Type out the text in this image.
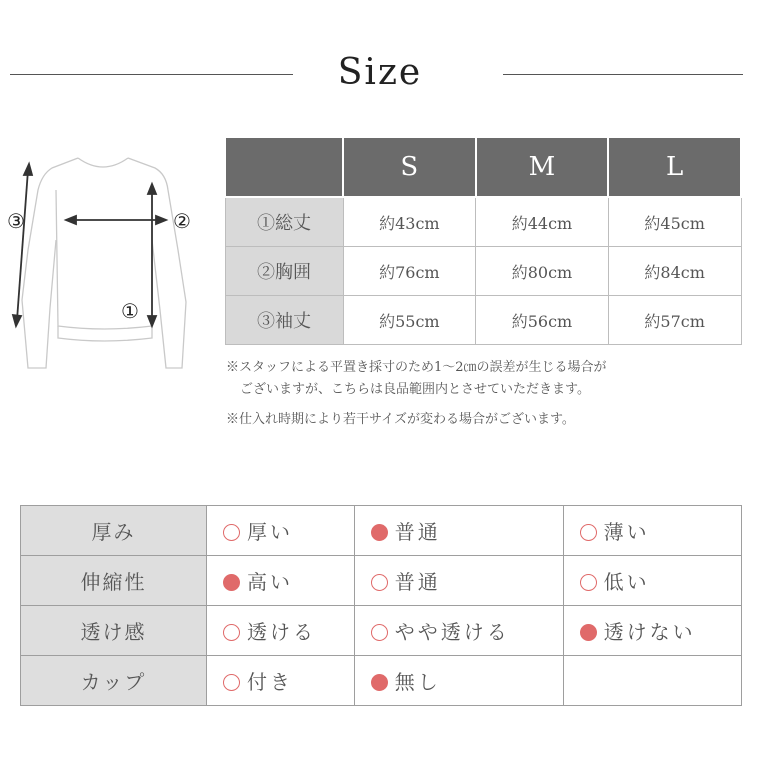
Size
①
②
③
	S	M	L
①総丈	約43cm	約44cm	約45cm
②胸囲	約76cm	約80cm	約84cm
③袖丈	約55cm	約56cm	約57cm
※スタッフによる平置き採寸のため1～2㎝の誤差が生じる場合が
ございますが、こちらは良品範囲内とさせていただきます。
※仕入れ時期により若干サイズが変わる場合がございます。
厚み	厚い	普通	薄い
伸縮性	高い	普通	低い
透け感	透ける	やや透ける	透けない
カップ	付き	無し	
